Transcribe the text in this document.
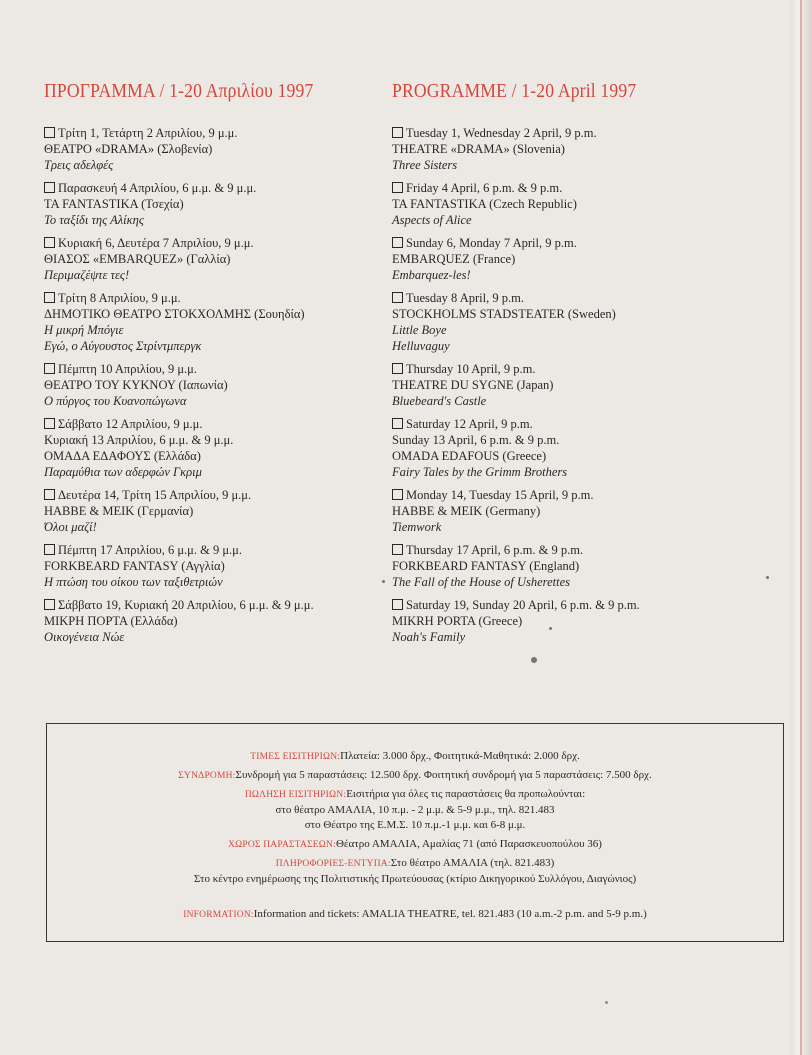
ΠΡΟΓΡΑΜΜΑ / 1-20 Απριλίου 1997
Τρίτη 1, Τετάρτη 2 Απριλίου, 9 μ.μ.
ΘΕΑΤΡΟ «DRAMA» (Σλοβενία)
Τρεις αδελφές
Παρασκευή 4 Απριλίου, 6 μ.μ. & 9 μ.μ.
TA FANTASTIKA (Τσεχία)
Το ταξίδι της Αλίκης
Κυριακή 6, Δευτέρα 7 Απριλίου, 9 μ.μ.
ΘΙΑΣΟΣ «EMBARQUEZ» (Γαλλία)
Περιμαζέψτε τες!
Τρίτη 8 Απριλίου, 9 μ.μ.
ΔΗΜΟΤΙΚΟ ΘΕΑΤΡΟ ΣΤΟΚΧΟΛΜΗΣ (Σουηδία)
Η μικρή Μπόγιε
Εγώ, ο Αύγουστος Στρίντμπεργκ
Πέμπτη 10 Απριλίου, 9 μ.μ.
ΘΕΑΤΡΟ ΤΟΥ ΚΥΚΝΟΥ (Ιαπωνία)
Ο πύργος του Κυανοπώγωνα
Σάββατο 12 Απριλίου, 9 μ.μ.
Κυριακή 13 Απριλίου, 6 μ.μ. & 9 μ.μ.
ΟΜΑΔΑ ΕΔΑΦΟΥΣ (Ελλάδα)
Παραμύθια των αδερφών Γκριμ
Δευτέρα 14, Τρίτη 15 Απριλίου, 9 μ.μ.
HABBE & MEIK (Γερμανία)
Όλοι μαζί!
Πέμπτη 17 Απριλίου, 6 μ.μ. & 9 μ.μ.
FORKBEARD FANTASY (Αγγλία)
Η πτώση του οίκου των ταξιθετριών
Σάββατο 19, Κυριακή 20 Απριλίου, 6 μ.μ. & 9 μ.μ.
ΜΙΚΡΗ ΠΟΡΤΑ (Ελλάδα)
Οικογένεια Νώε
PROGRAMME / 1-20 April 1997
Tuesday 1, Wednesday 2 April, 9 p.m.
THEATRE «DRAMA» (Slovenia)
Three Sisters
Friday 4 April, 6 p.m. & 9 p.m.
TA FANTASTIKA (Czech Republic)
Aspects of Alice
Sunday 6, Monday 7 April, 9 p.m.
EMBARQUEZ (France)
Embarquez-les!
Tuesday 8 April, 9 p.m.
STOCKHOLMS STADSTEATER (Sweden)
Little Boye
Helluvaguy
Thursday 10 April, 9 p.m.
THEATRE DU SYGNE (Japan)
Bluebeard's Castle
Saturday 12 April, 9 p.m.
Sunday 13 April, 6 p.m. & 9 p.m.
OMADA EDAFOUS (Greece)
Fairy Tales by the Grimm Brothers
Monday 14, Tuesday 15 April, 9 p.m.
HABBE & MEIK (Germany)
Tiemwork
Thursday 17 April, 6 p.m. & 9 p.m.
FORKBEARD FANTASY (England)
The Fall of the House of Usherettes
Saturday 19, Sunday 20 April, 6 p.m. & 9 p.m.
MIKRH PORTA (Greece)
Noah's Family
ΤΙΜΕΣ ΕΙΣΙΤΗΡΙΩΝ:Πλατεία: 3.000 δρχ., Φοιτητικά-Μαθητικά: 2.000 δρχ.
ΣΥΝΔΡΟΜΗ:Συνδρομή για 5 παραστάσεις: 12.500 δρχ. Φοιτητική συνδρομή για 5 παραστάσεις: 7.500 δρχ.
ΠΩΛΗΣΗ ΕΙΣΙΤΗΡΙΩΝ:Εισιτήρια για όλες τις παραστάσεις θα προπωλούνται:
στο θέατρο ΑΜΑΛΙΑ, 10 π.μ. - 2 μ.μ. & 5-9 μ.μ., τηλ. 821.483
στο Θέατρο της Ε.Μ.Σ. 10 π.μ.-1 μ.μ. και 6-8 μ.μ.
ΧΩΡΟΣ ΠΑΡΑΣΤΑΣΕΩΝ:Θέατρο ΑΜΑΛΙΑ, Αμαλίας 71 (από Παρασκευοπούλου 36)
ΠΛΗΡΟΦΟΡΙΕΣ-ΕΝΤΥΠΑ:Στο θέατρο ΑΜΑΛΙΑ (τηλ. 821.483)
Στο κέντρο ενημέρωσης της Πολιτιστικής Πρωτεύουσας (κτίριο Δικηγορικού Συλλόγου, Διαγώνιος)
INFORMATION:Information and tickets: AMALIA THEATRE, tel. 821.483 (10 a.m.-2 p.m. and 5-9 p.m.)
